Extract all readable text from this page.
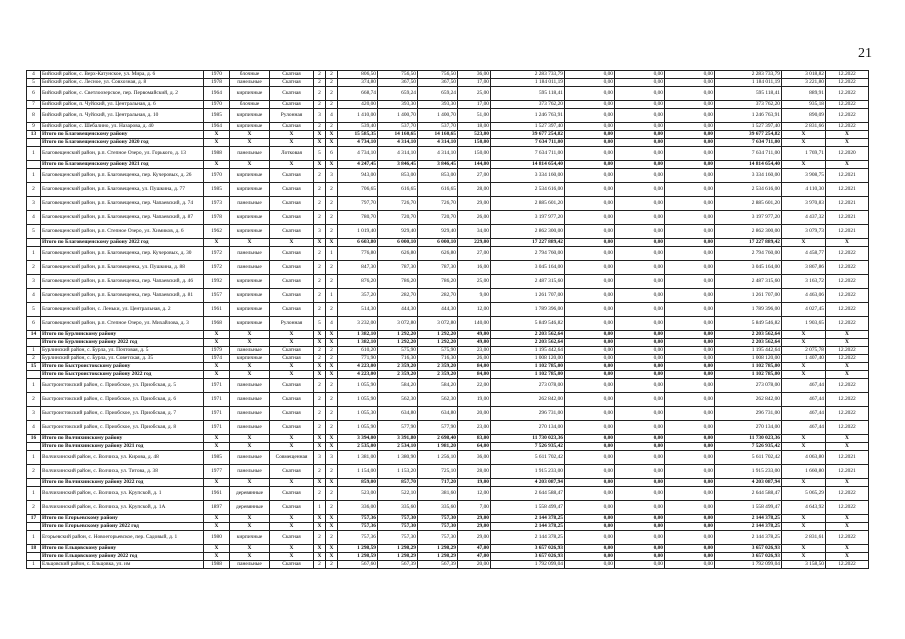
21
4	Бийский район, с. Верх-Катунское, ул. Мира, д. 6	1970	блочные	Скатная	2	2	806,50	756,50	756,50	36,00	2 283 733,79	0,00	0,00	0,00	2 283 733,79	3 018,82	12.2022
5	Бийский район, с. Лесное, ул. Совхозная, д. 8	1978	панельные	Скатная	2	2	374,80	367,50	367,50	17,00	1 184 011,19	0,00	0,00	0,00	1 184 011,19	3 221,80	12.2022
6	Бийский район, с. Светлоозерское, пер. Первомайский, д. 2	1964	кирпичные	Скатная	2	2	668,74	659,24	659,24	25,00	595 118,41	0,00	0,00	0,00	595 118,41	889,91	12.2022
7	Бийский район, п. Чуйский, ул. Центральная, д. 6	1970	блочные	Скатная	2	2	420,00	393,30	393,30	17,00	373 762,20	0,00	0,00	0,00	373 762,20	935,18	12.2022
8	Бийский район, п. Чуйский, ул. Центральная, д. 10	1985	кирпичные	Рулонная	3	4	1 410,00	1 400,70	1 400,70	51,00	1 246 763,91	0,00	0,00	0,00	1 246 763,91	890,09	12.2022
9	Бийский район, с. Шебалино, ул. Назарова, д. 40	1964	кирпичные	Скатная	2	2	539,40	537,70	537,70	18,00	1 527 397,40	0,00	0,00	0,00	1 527 397,40	2 831,66	12.2022
13	Итого по Благовещенскому району	X	X	X	X	X	15 585,35	14 160,65	14 160,65	523,00	39 677 254,82	0,00	0,00	0,00	39 677 254,82	X	X
	Итого по Благовещенскому району 2020 год	X	X	X	X	X	4 734,10	4 314,10	4 314,10	150,00	7 634 711,00	0,00	0,00	0,00	7 634 711,00	X	X
1	Благовещенский район, р.п. Степное Озеро, ул. Горького, д. 13	1988	панельные	Лотковая	5	6	4 734,10	4 314,10	4 314,10	150,00	7 634 711,00	0,00	0,00	0,00	7 634 711,00	1 769,71	12.2020
	Итого по Благовещенскому району 2021 год	X	X	X	X	X	4 247,45	3 846,45	3 846,45	144,00	14 814 654,40	0,00	0,00	0,00	14 814 654,40	X	X
1	Благовещенский район, р.п. Благовещенка, пер. Кучеровых, д. 26	1970	кирпичные	Скатная	2	3	943,00	853,00	853,00	27,00	3 334 160,00	0,00	0,00	0,00	3 334 160,00	3 908,75	12.2021
2	Благовещенский район, р.п. Благовещенка, ул. Пушкина, д. 77	1985	кирпичные	Скатная	2	2	706,65	616,65	616,65	28,00	2 534 616,00	0,00	0,00	0,00	2 534 616,00	4 110,30	12.2021
3	Благовещенский район, р.п. Благовещенка, пер. Чапаевский, д. 74	1973	панельные	Скатная	2	2	797,70	726,70	726,70	29,00	2 885 601,20	0,00	0,00	0,00	2 885 601,20	3 970,83	12.2021
4	Благовещенский район, р.п. Благовещенка, пер. Чапаевский, д. 87	1978	кирпичные	Скатная	2	2	780,70	720,70	720,70	26,00	3 197 977,20	0,00	0,00	0,00	3 197 977,20	4 437,32	12.2021
5	Благовещенский район, р.п. Степное Озеро, ул. Химиков, д. 6	1962	кирпичные	Скатная	3	2	1 019,40	929,40	929,40	34,00	2 862 300,00	0,00	0,00	0,00	2 862 300,00	3 079,73	12.2021
	Итого по Благовещенскому району 2022 год	X	X	X	X	X	6 603,80	6 000,10	6 000,10	229,00	17 227 889,42	0,00	0,00	0,00	17 227 889,42	X	X
1	Благовещенский район, р.п. Благовещенка, пер. Кучеровых, д. 30	1972	панельные	Скатная	2	1	776,80	626,80	626,80	27,00	2 794 760,00	0,00	0,00	0,00	2 794 760,00	4 458,77	12.2022
2	Благовещенский район, р.п. Благовещенка, ул. Пушкина, д. 88	1972	панельные	Скатная	2	2	847,30	787,30	787,30	16,00	3 045 164,00	0,00	0,00	0,00	3 045 164,00	3 867,86	12.2022
3	Благовещенский район, р.п. Благовещенка, пер. Чапаевский, д. 46	1992	кирпичные	Скатная	2	2	876,20	786,20	786,20	25,00	2 487 315,60	0,00	0,00	0,00	2 487 315,60	3 163,72	12.2022
4	Благовещенский район, р.п. Благовещенка, пер. Чапаевский, д. 81	1957	кирпичные	Скатная	2	1	357,20	282,70	282,70	9,00	1 261 707,00	0,00	0,00	0,00	1 261 707,00	4 463,06	12.2022
5	Благовещенский район, с. Леньки, ул. Центральная, д. 2	1961	кирпичные	Скатная	2	2	514,30	444,30	444,30	12,00	1 789 396,00	0,00	0,00	0,00	1 789 396,00	4 027,45	12.2022
6	Благовещенский район, р.п. Степное Озеро, ул. Михайлова, д. 3	1968	кирпичные	Рулонная	5	4	3 232,00	3 072,80	3 072,80	140,00	5 849 546,82	0,00	0,00	0,00	5 849 546,82	1 903,65	12.2022
14	Итого по Бурлинскому району	X	X	X	X	X	1 382,10	1 292,20	1 292,20	49,00	2 203 562,64	0,00	0,00	0,00	2 203 562,64	X	X
	Итого по Бурлинскому району 2022 год	X	X	X	X	X	1 382,10	1 292,20	1 292,20	49,00	2 203 562,64	0,00	0,00	0,00	2 203 562,64	X	X
1	Бурлинский район, с. Бурла, ул. Почтовая, д. 5	1979	панельные	Скатная	2	2	610,20	575,90	575,90	23,00	1 195 442,64	0,00	0,00	0,00	1 195 442,64	2 075,78	12.2022
2	Бурлинский район, с. Бурла, ул. Советская, д. 35	1974	кирпичные	Скатная	2	2	771,90	716,30	716,30	26,00	1 008 120,00	0,00	0,00	0,00	1 008 120,00	1 407,40	12.2022
15	Итого по Быстроистокскому району	X	X	X	X	X	4 223,00	2 359,20	2 359,20	84,00	1 102 785,00	0,00	0,00	0,00	1 102 785,00	X	X
	Итого по Быстроистокскому району 2022 год	X	X	X	X	X	4 223,00	2 359,20	2 359,20	84,00	1 102 785,00	0,00	0,00	0,00	1 102 785,00	X	X
1	Быстроистокский район, с. Приобское, ул. Приобская, д. 5	1971	панельные	Скатная	2	2	1 055,90	584,20	584,20	22,00	273 078,00	0,00	0,00	0,00	273 078,00	467,44	12.2022
2	Быстроистокский район, с. Приобское, ул. Приобская, д. 6	1971	панельные	Скатная	2	2	1 055,90	562,30	562,30	19,00	262 842,00	0,00	0,00	0,00	262 842,00	467,44	12.2022
3	Быстроистокский район, с. Приобское, ул. Приобская, д. 7	1971	панельные	Скатная	2	2	1 055,30	634,80	634,80	20,00	296 731,00	0,00	0,00	0,00	296 731,00	467,44	12.2022
4	Быстроистокский район, с. Приобское, ул. Приобская, д. 8	1971	панельные	Скатная	2	2	1 055,90	577,90	577,90	23,00	270 134,00	0,00	0,00	0,00	270 134,00	467,44	12.2022
16	Итого по Волчихинскому району	X	X	X	X	X	3 394,00	3 391,80	2 698,40	83,00	11 730 023,36	0,00	0,00	0,00	11 730 023,36	X	X
	Итого по Волчихинскому району 2021 год	X	X	X	X	X	2 535,00	2 534,10	1 981,20	64,00	7 526 935,42	0,00	0,00	0,00	7 526 935,42	X	X
1	Волчихинский район, с. Волчиха, ул. Кирова, д. 48	1985	панельные	Совмещенная	3	3	1 381,00	1 380,90	1 256,10	36,00	5 611 702,42	0,00	0,00	0,00	5 611 702,42	4 063,80	12.2021
2	Волчихинский район, с. Волчиха, ул. Титова, д. 38	1977	панельные	Скатная	2	2	1 154,00	1 153,20	725,10	28,00	1 915 233,00	0,00	0,00	0,00	1 915 233,00	1 660,80	12.2021
	Итого по Волчихинскому району 2022 год	X	X	X	X	X	859,00	857,70	717,20	19,00	4 203 087,94	0,00	0,00	0,00	4 203 087,94	X	X
1	Волчихинский район, с. Волчиха, ул. Крупской, д. 1	1961	деревянные	Скатная	2	2	523,00	522,10	381,60	12,00	2 644 588,47	0,00	0,00	0,00	2 644 588,47	5 065,29	12.2022
2	Волчихинский район, с. Волчиха, ул. Крупской, д. 1А	1897	деревянные	Скатная	1	2	336,00	335,60	335,60	7,00	1 558 499,47	0,00	0,00	0,00	1 558 499,47	4 643,92	12.2022
17	Итого по Егорьевскому району	X	X	X	X	X	757,36	757,30	757,30	29,00	2 144 378,25	0,00	0,00	0,00	2 144 378,25	X	X
	Итого по Егорьевскому району 2022 год	X	X	X	X	X	757,36	757,30	757,30	29,00	2 144 378,25	0,00	0,00	0,00	2 144 378,25	X	X
1	Егорьевский район, с. Новоегорьевское, пер. Садовый, д. 1	1980	кирпичные	Скатная	2	2	757,36	757,30	757,30	29,00	2 144 378,25	0,00	0,00	0,00	2 144 378,25	2 831,61	12.2022
18	Итого по Ельцовскому району	X	X	X	X	X	1 298,59	1 298,29	1 298,29	47,00	3 657 026,93	0,00	0,00	0,00	3 657 026,93	X	X
	Итого по Ельцовскому району 2022 год	X	X	X	X	X	1 298,59	1 298,29	1 298,29	47,00	3 657 026,93	0,00	0,00	0,00	3 657 026,93	X	X
1	Ельцовский район, с. Ельцовка, ул. им	1988	панельные	Скатная	2	2	567,60	567,39	567,39	20,00	1 792 099,04	0,00	0,00	0,00	1 792 099,04	3 158,50	12.2022
